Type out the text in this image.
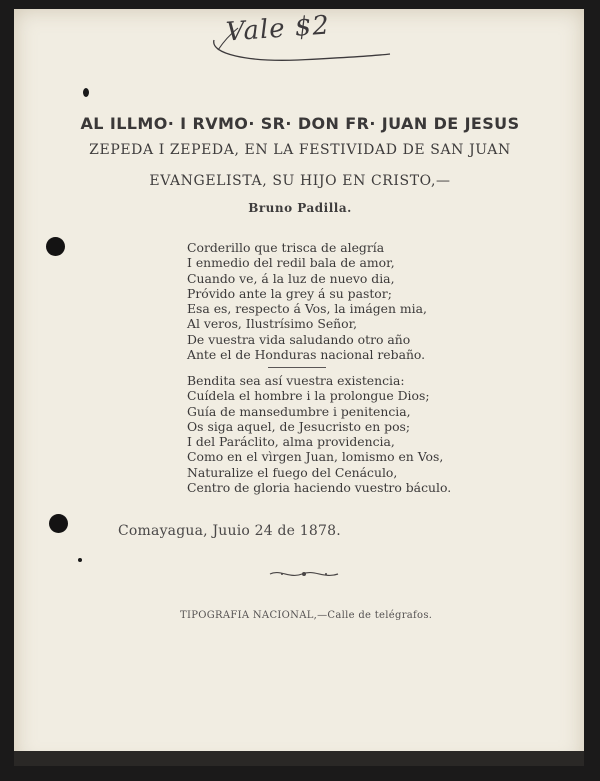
Vale $2
AL ILLMO· I RVMO· SR· DON FR· JUAN DE JESUS
ZEPEDA I ZEPEDA, EN LA FESTIVIDAD DE SAN JUAN
EVANGELISTA, SU HIJO EN CRISTO,—
Bruno Padilla.
Corderillo que trisca de alegría
I enmedio del redil bala de amor,
Cuando ve, á la luz de nuevo dia,
Próvido ante la grey á su pastor;
Esa es, respecto á Vos, la imágen mia,
Al veros, Ilustrísimo Señor,
De vuestra vida saludando otro año
Ante el de Honduras nacional rebaño.
Bendita sea así vuestra existencia:
Cuídela el hombre i la prolongue Dios;
Guía de mansedumbre i penitencia,
Os siga aquel, de Jesucristo en pos;
I del Paráclito, alma providencia,
Como en el vìrgen Juan, lomismo en Vos,
Naturalize el fuego del Cenáculo,
Centro de gloria haciendo vuestro báculo.
Comayagua, Juuio 24 de 1878.
TIPOGRAFIA NACIONAL,—Calle de telégrafos.
